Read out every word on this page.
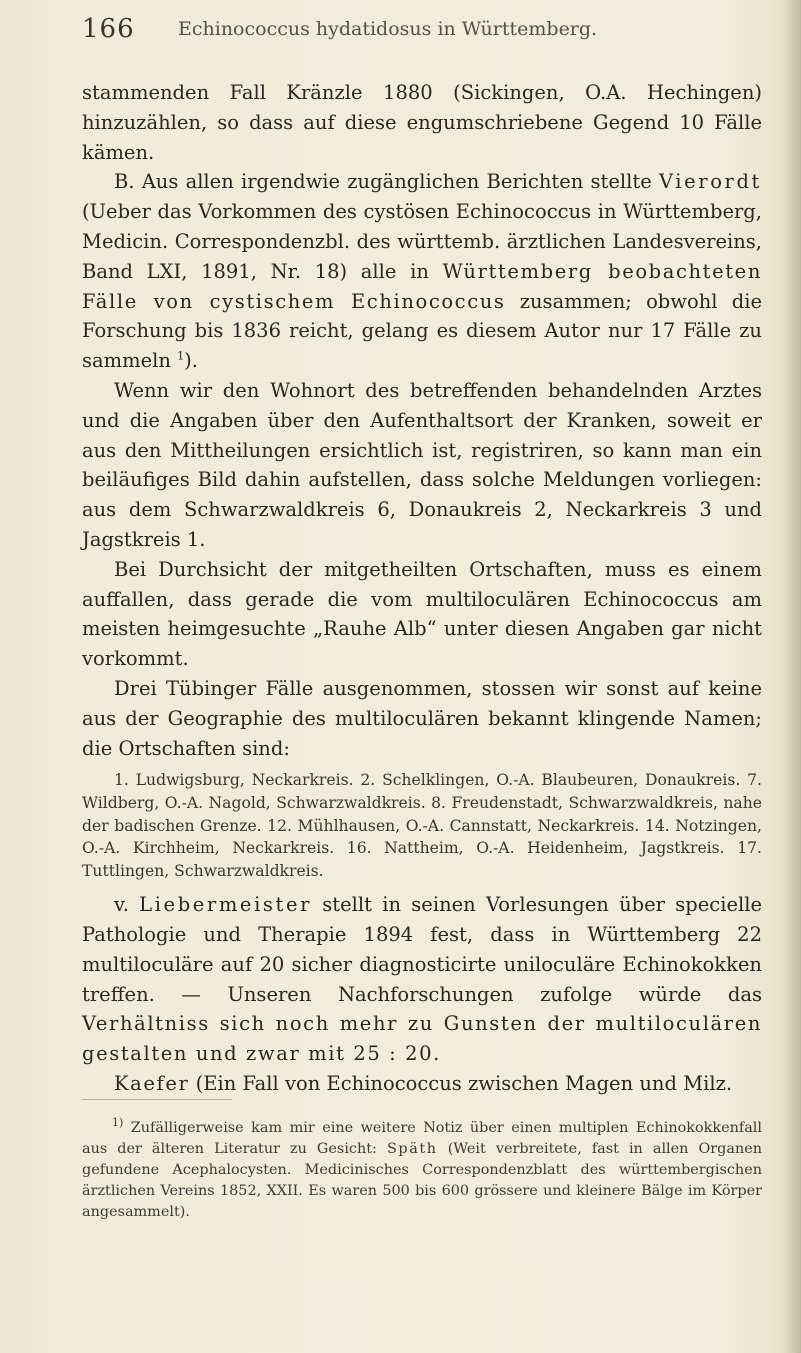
166 Echinococcus hydatidosus in Württemberg.

stammenden Fall Kränzle 1880 (Sickingen, O.A. Hechingen) hinzuzählen, so dass auf diese engumschriebene Gegend 10 Fälle kämen.

B. Aus allen irgendwie zugänglichen Berichten stellte Vierordt (Ueber das Vorkommen des cystösen Echinococcus in Württemberg, Medicin. Correspondenzbl. des württemb. ärztlichen Landesvereins, Band LXI, 1891, Nr. 18) alle in Württemberg beobachteten Fälle von cystischem Echinococcus zusammen; obwohl die Forschung bis 1836 reicht, gelang es diesem Autor nur 17 Fälle zu sammeln $^1$).

Wenn wir den Wohnort des betreffenden behandelnden Arztes und die Angaben über den Aufenthaltsort der Kranken, soweit er aus den Mittheilungen ersichtlich ist, registriren, so kann man ein beiläufiges Bild dahin aufstellen, dass solche Meldungen vorliegen: aus dem Schwarzwaldkreis 6, Donaukreis 2, Neckarkreis 3 und Jagstkreis 1.

Bei Durchsicht der mitgetheilten Ortschaften, muss es einem auffallen, dass gerade die vom multiloculären Echinococcus am meisten heimgesuchte „Rauhe Alb“ unter diesen Angaben gar nicht vorkommt.

Drei Tübinger Fälle ausgenommen, stossen wir sonst auf keine aus der Geographie des multiloculären bekannt klingende Namen; die Ortschaften sind:

1. Ludwigsburg, Neckarkreis. 2. Schelklingen, O.-A. Blaubeuren, Donaukreis. 7. Wildberg, O.-A. Nagold, Schwarzwaldkreis. 8. Freudenstadt, Schwarzwaldkreis, nahe der badischen Grenze. 12. Mühlhausen, O.-A. Cannstatt, Neckarkreis. 14. Notzingen, O.-A. Kirchheim, Neckarkreis. 16. Nattheim, O.-A. Heidenheim, Jagstkreis. 17. Tuttlingen, Schwarzwaldkreis.

v. Liebermeister stellt in seinen Vorlesungen über specielle Pathologie und Therapie 1894 fest, dass in Württemberg 22 multiloculäre auf 20 sicher diagnosticirte uniloculäre Echinokokken treffen. — Unseren Nachforschungen zufolge würde das Verhältniss sich noch mehr zu Gunsten der multiloculären gestalten und zwar mit 25 : 20.

Kaefer (Ein Fall von Echinococcus zwischen Magen und Milz.

$^{1)}$ Zufälligerweise kam mir eine weitere Notiz über einen multiplen Echinokokkenfall aus der älteren Literatur zu Gesicht: Späth (Weit verbreitete, fast in allen Organen gefundene Acephalocysten. Medicinisches Correspondenzblatt des württembergischen ärztlichen Vereins 1852, XXII. Es waren 500 bis 600 grössere und kleinere Bälge im Körper angesammelt).
